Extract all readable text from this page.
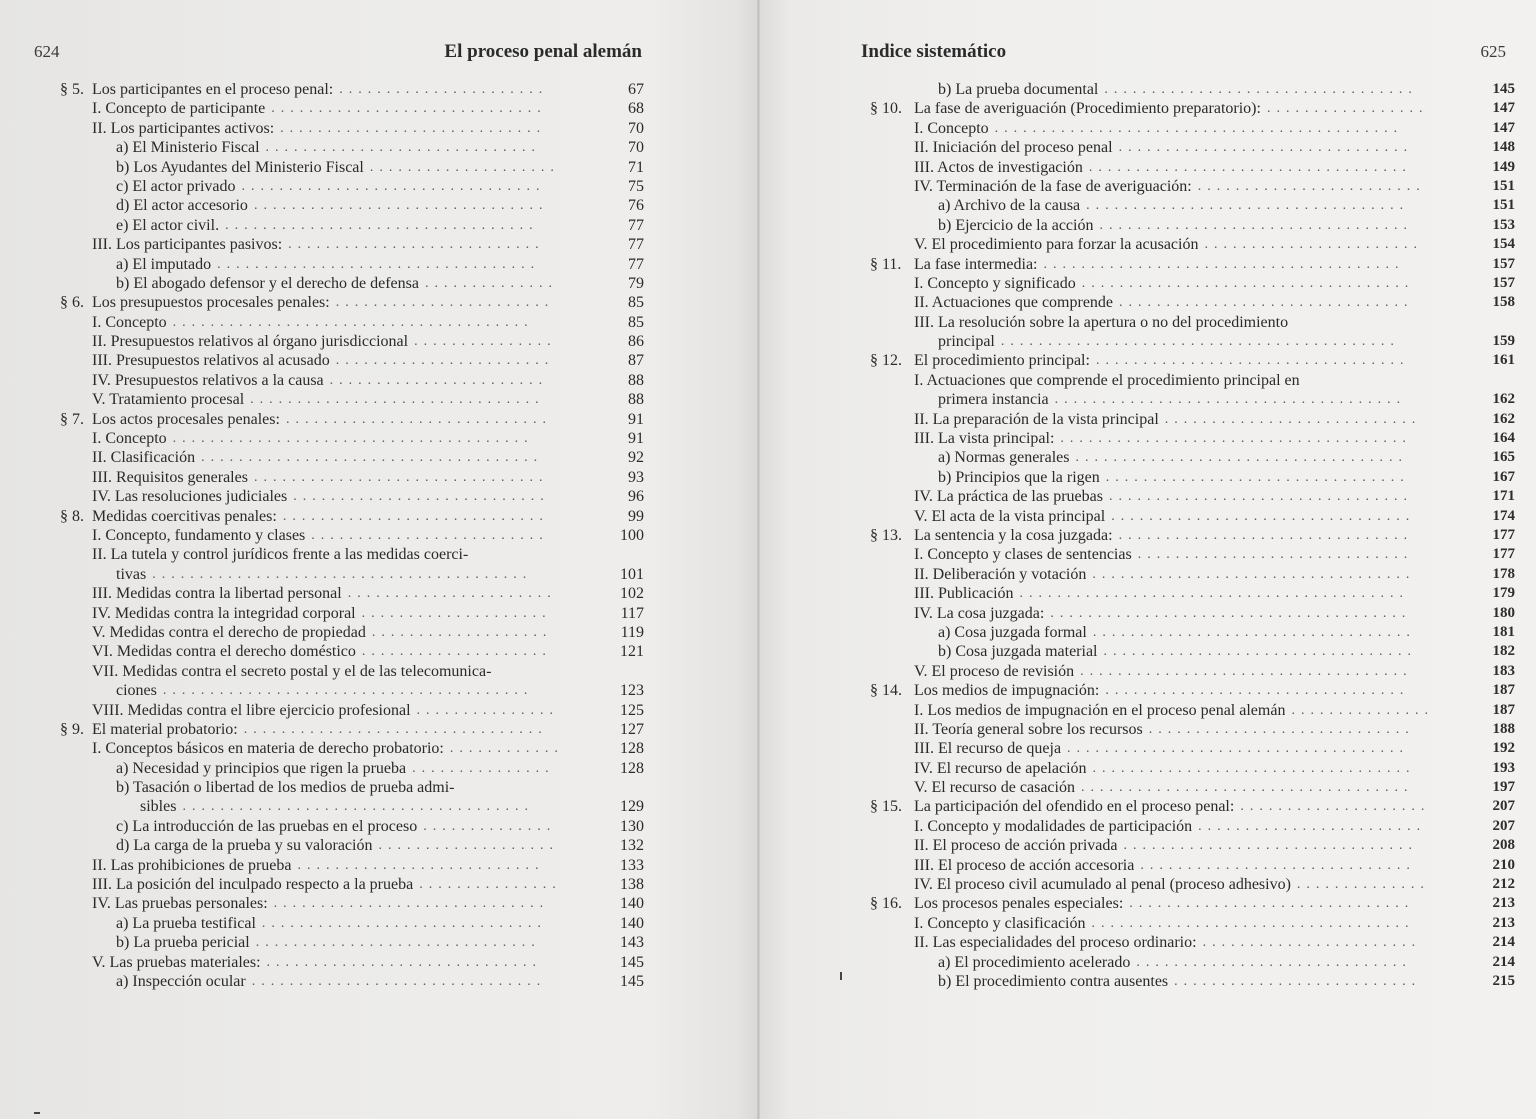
624	El proceso penal alemán
§ 5. Los participantes en el proceso penal: ......................	67
I. Concepto de participante .............................	68
II. Los participantes activos: ............................	70
a) El Ministerio Fiscal .............................	70
b) Los Ayudantes del Ministerio Fiscal ....................	71
c) El actor privado ................................	75
d) El actor accesorio ...............................	76
e) El actor civil. .................................	77
III. Los participantes pasivos: ...........................	77
a) El imputado ..................................	77
b) El abogado defensor y el derecho de defensa ..............	79
§ 6. Los presupuestos procesales penales: .......................	85
I. Concepto ......................................	85
II. Presupuestos relativos al órgano jurisdiccional ...............	86
III. Presupuestos relativos al acusado .......................	87
IV. Presupuestos relativos a la causa .......................	88
V. Tratamiento procesal ...............................	88
§ 7. Los actos procesales penales: ............................	91
I. Concepto ......................................	91
II. Clasificación ....................................	92
III. Requisitos generales ...............................	93
IV. Las resoluciones judiciales ...........................	96
§ 8. Medidas coercitivas penales: ............................	99
I. Concepto, fundamento y clases .........................	100
II. La tutela y control jurídicos frente a las medidas coerci-
tivas ........................................	101
III. Medidas contra la libertad personal ......................	102
IV. Medidas contra la integridad corporal ....................	117
V. Medidas contra el derecho de propiedad ...................	119
VI. Medidas contra el derecho doméstico ....................	121
VII. Medidas contra el secreto postal y el de las telecomunica-
ciones .......................................	123
VIII. Medidas contra el libre ejercicio profesional ...............	125
§ 9. El material probatorio: ................................	127
I. Conceptos básicos en materia de derecho probatorio: ............	128
a) Necesidad y principios que rigen la prueba ...............	128
b) Tasación o libertad de los medios de prueba admi-
sibles .....................................	129
c) La introducción de las pruebas en el proceso ..............	130
d) La carga de la prueba y su valoración ...................	132
II. Las prohibiciones de prueba ..........................	133
III. La posición del inculpado respecto a la prueba ...............	138
IV. Las pruebas personales: .............................	140
a) La prueba testifical ..............................	140
b) La prueba pericial ..............................	143
V. Las pruebas materiales: .............................	145
a) Inspección ocular ...............................	145
Indice sistemático	625
b) La prueba documental .................................	145
§ 10. La fase de averiguación (Procedimiento preparatorio): .................	147
I. Concepto ...........................................	147
II. Iniciación del proceso penal ...............................	148
III. Actos de investigación ..................................	149
IV. Terminación de la fase de averiguación: ........................	151
a) Archivo de la causa ..................................	151
b) Ejercicio de la acción .................................	153
V. El procedimiento para forzar la acusación .......................	154
§ 11. La fase intermedia: ......................................	157
I. Concepto y significado ...................................	157
II. Actuaciones que comprende ...............................	158
III. La resolución sobre la apertura o no del procedimiento
principal ..........................................	159
§ 12. El procedimiento principal: .................................	161
I. Actuaciones que comprende el procedimiento principal en
primera instancia .....................................	162
II. La preparación de la vista principal ...........................	162
III. La vista principal: .....................................	164
a) Normas generales ...................................	165
b) Principios que la rigen ................................	167
IV. La práctica de las pruebas ................................	171
V. El acta de la vista principal ................................	174
§ 13. La sentencia y la cosa juzgada: ...............................	177
I. Concepto y clases de sentencias .............................	177
II. Deliberación y votación ..................................	178
III. Publicación .........................................	179
IV. La cosa juzgada: ......................................	180
a) Cosa juzgada formal ..................................	181
b) Cosa juzgada material .................................	182
V. El proceso de revisión ...................................	183
§ 14. Los medios de impugnación: ................................	187
I. Los medios de impugnación en el proceso penal alemán ...............	187
II. Teoría general sobre los recursos ............................	188
III. El recurso de queja ....................................	192
IV. El recurso de apelación ..................................	193
V. El recurso de casación ...................................	197
§ 15. La participación del ofendido en el proceso penal: ....................	207
I. Concepto y modalidades de participación ........................	207
II. El proceso de acción privada ...............................	208
III. El proceso de acción accesoria .............................	210
IV. El proceso civil acumulado al penal (proceso adhesivo) ..............	212
§ 16. Los procesos penales especiales: ..............................	213
I. Concepto y clasificación ..................................	213
II. Las especialidades del proceso ordinario: .......................	214
a) El procedimiento acelerado .............................	214
b) El procedimiento contra ausentes ..........................	215
